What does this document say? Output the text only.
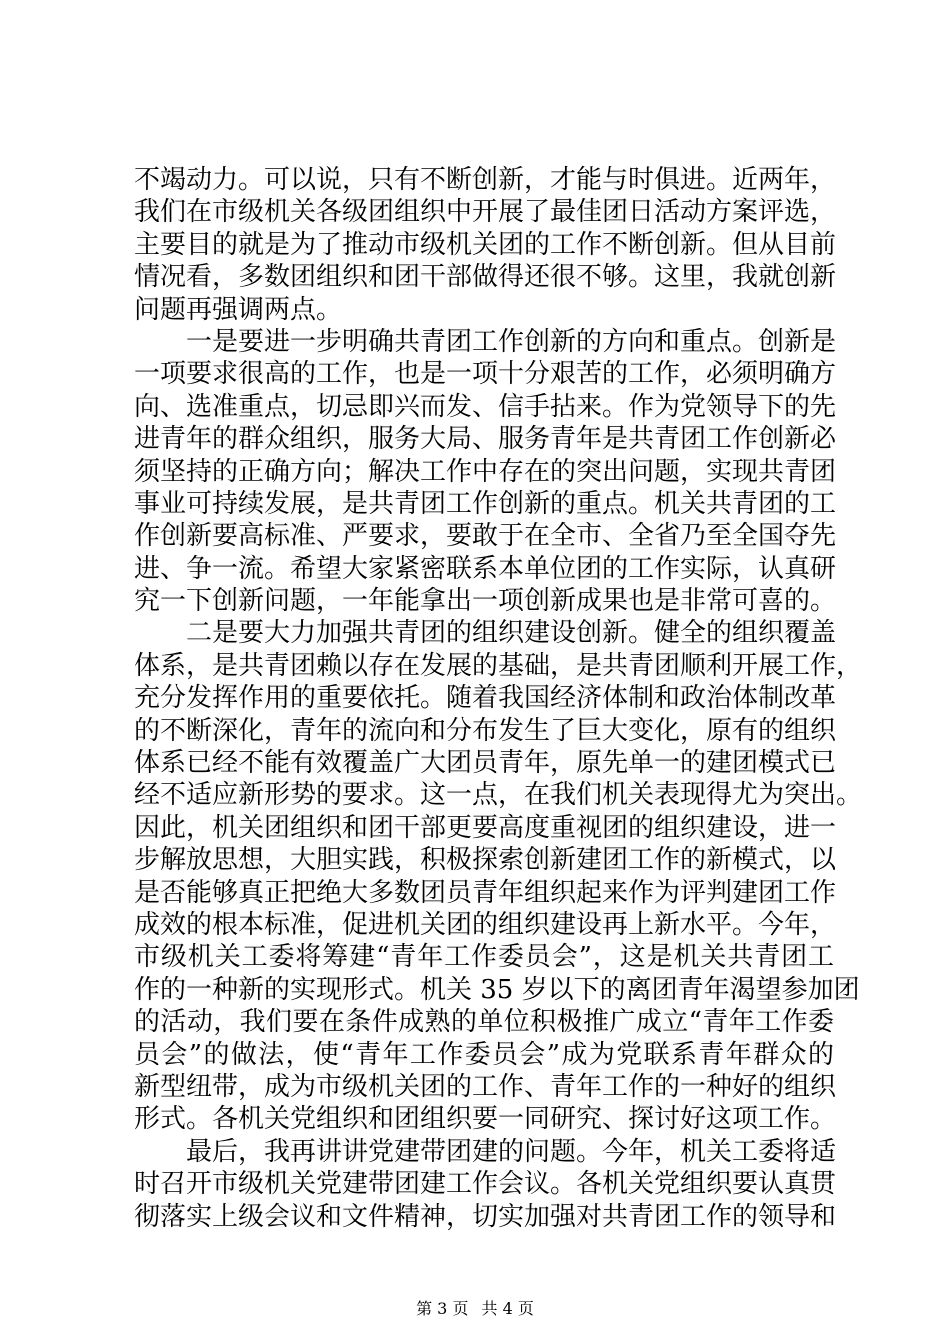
不竭动力。可以说，只有不断创新，才能与时俱进。近两年，
我们在市级机关各级团组织中开展了最佳团日活动方案评选，
主要目的就是为了推动市级机关团的工作不断创新。但从目前
情况看，多数团组织和团干部做得还很不够。这里，我就创新
问题再强调两点。
一是要进一步明确共青团工作创新的方向和重点。创新是
一项要求很高的工作，也是一项十分艰苦的工作，必须明确方
向、选准重点，切忌即兴而发、信手拈来。作为党领导下的先
进青年的群众组织，服务大局、服务青年是共青团工作创新必
须坚持的正确方向；解决工作中存在的突出问题，实现共青团
事业可持续发展，是共青团工作创新的重点。机关共青团的工
作创新要高标准、严要求，要敢于在全市、全省乃至全国夺先
进、争一流。希望大家紧密联系本单位团的工作实际，认真研
究一下创新问题，一年能拿出一项创新成果也是非常可喜的。
二是要大力加强共青团的组织建设创新。健全的组织覆盖
体系，是共青团赖以存在发展的基础，是共青团顺利开展工作，
充分发挥作用的重要依托。随着我国经济体制和政治体制改革
的不断深化，青年的流向和分布发生了巨大变化，原有的组织
体系已经不能有效覆盖广大团员青年，原先单一的建团模式已
经不适应新形势的要求。这一点，在我们机关表现得尤为突出。
因此，机关团组织和团干部更要高度重视团的组织建设，进一
步解放思想，大胆实践，积极探索创新建团工作的新模式，以
是否能够真正把绝大多数团员青年组织起来作为评判建团工作
成效的根本标准，促进机关团的组织建设再上新水平。今年，
市级机关工委将筹建“青年工作委员会”，这是机关共青团工
作的一种新的实现形式。机关 35 岁以下的离团青年渴望参加团
的活动，我们要在条件成熟的单位积极推广成立“青年工作委
员会”的做法，使“青年工作委员会”成为党联系青年群众的
新型纽带，成为市级机关团的工作、青年工作的一种好的组织
形式。各机关党组织和团组织要一同研究、探讨好这项工作。
最后，我再讲讲党建带团建的问题。今年，机关工委将适
时召开市级机关党建带团建工作会议。各机关党组织要认真贯
彻落实上级会议和文件精神，切实加强对共青团工作的领导和
第 3 页 共 4 页
